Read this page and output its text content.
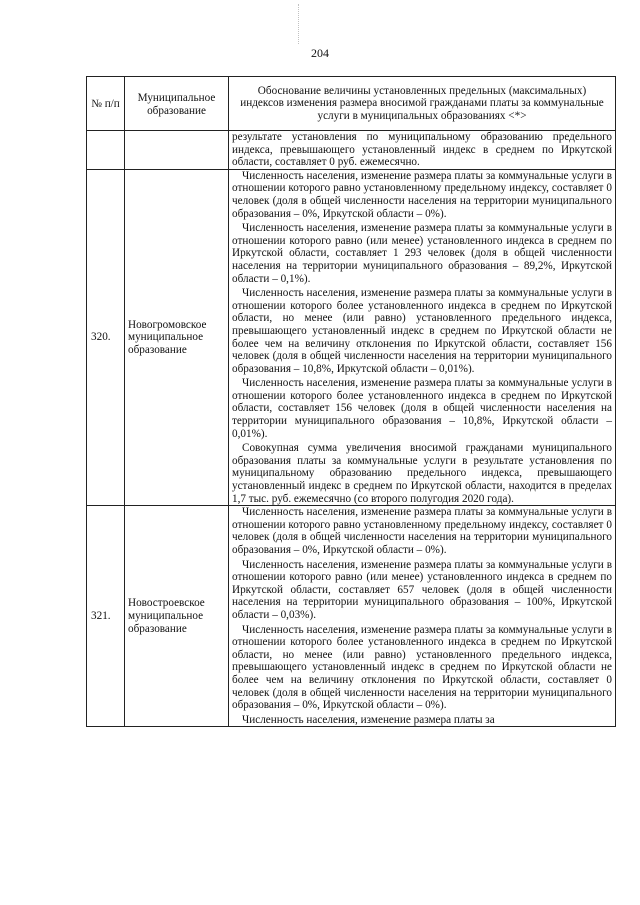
204
№ п/п	Муниципальное образование	Обоснование величины установленных предельных (максимальных) индексов изменения размера вносимой гражданами платы за коммунальные услуги в муниципальных образованиях <*>

		результате установления по муниципальному образованию предельного индекса, превышающего установленный индекс в среднем по Иркутской области, составляет 0 руб. ежемесячно.

320.	Новогромовское муниципальное образование	Численность населения, изменение размера платы за коммунальные услуги в отношении которого равно установленному предельному индексу, составляет 0 человек (доля в общей численности населения на территории муниципального образования – 0%, Иркутской области – 0%).

Численность населения, изменение размера платы за коммунальные услуги в отношении которого равно (или менее) установленного индекса в среднем по Иркутской области, составляет 1 293 человек (доля в общей численности населения на территории муниципального образования – 89,2%, Иркутской области – 0,1%).

Численность населения, изменение размера платы за коммунальные услуги в отношении которого более установленного индекса в среднем по Иркутской области, но менее (или равно) установленного предельного индекса, превышающего установленный индекс в среднем по Иркутской области не более чем на величину отклонения по Иркутской области, составляет 156 человек (доля в общей численности населения на территории муниципального образования – 10,8%, Иркутской области – 0,01%).

Численность населения, изменение размера платы за коммунальные услуги в отношении которого более установленного индекса в среднем по Иркутской области, составляет 156 человек (доля в общей численности населения на территории муниципального образования – 10,8%, Иркутской области – 0,01%).

Совокупная сумма увеличения вносимой гражданами муниципального образования платы за коммунальные услуги в результате установления по муниципальному образованию предельного индекса, превышающего установленный индекс в среднем по Иркутской области, находится в пределах 1,7 тыс. руб. ежемесячно (со второго полугодия 2020 года).

321.	Новостроевское муниципальное образование	Численность населения, изменение размера платы за коммунальные услуги в отношении которого равно установленному предельному индексу, составляет 0 человек (доля в общей численности населения на территории муниципального образования – 0%, Иркутской области – 0%).

Численность населения, изменение размера платы за коммунальные услуги в отношении которого равно (или менее) установленного индекса в среднем по Иркутской области, составляет 657 человек (доля в общей численности населения на территории муниципального образования – 100%, Иркутской области – 0,03%).

Численность населения, изменение размера платы за коммунальные услуги в отношении которого более установленного индекса в среднем по Иркутской области, но менее (или равно) установленного предельного индекса, превышающего установленный индекс в среднем по Иркутской области не более чем на величину отклонения по Иркутской области, составляет 0 человек (доля в общей численности населения на территории муниципального образования – 0%, Иркутской области – 0%).

Численность населения, изменение размера платы за
